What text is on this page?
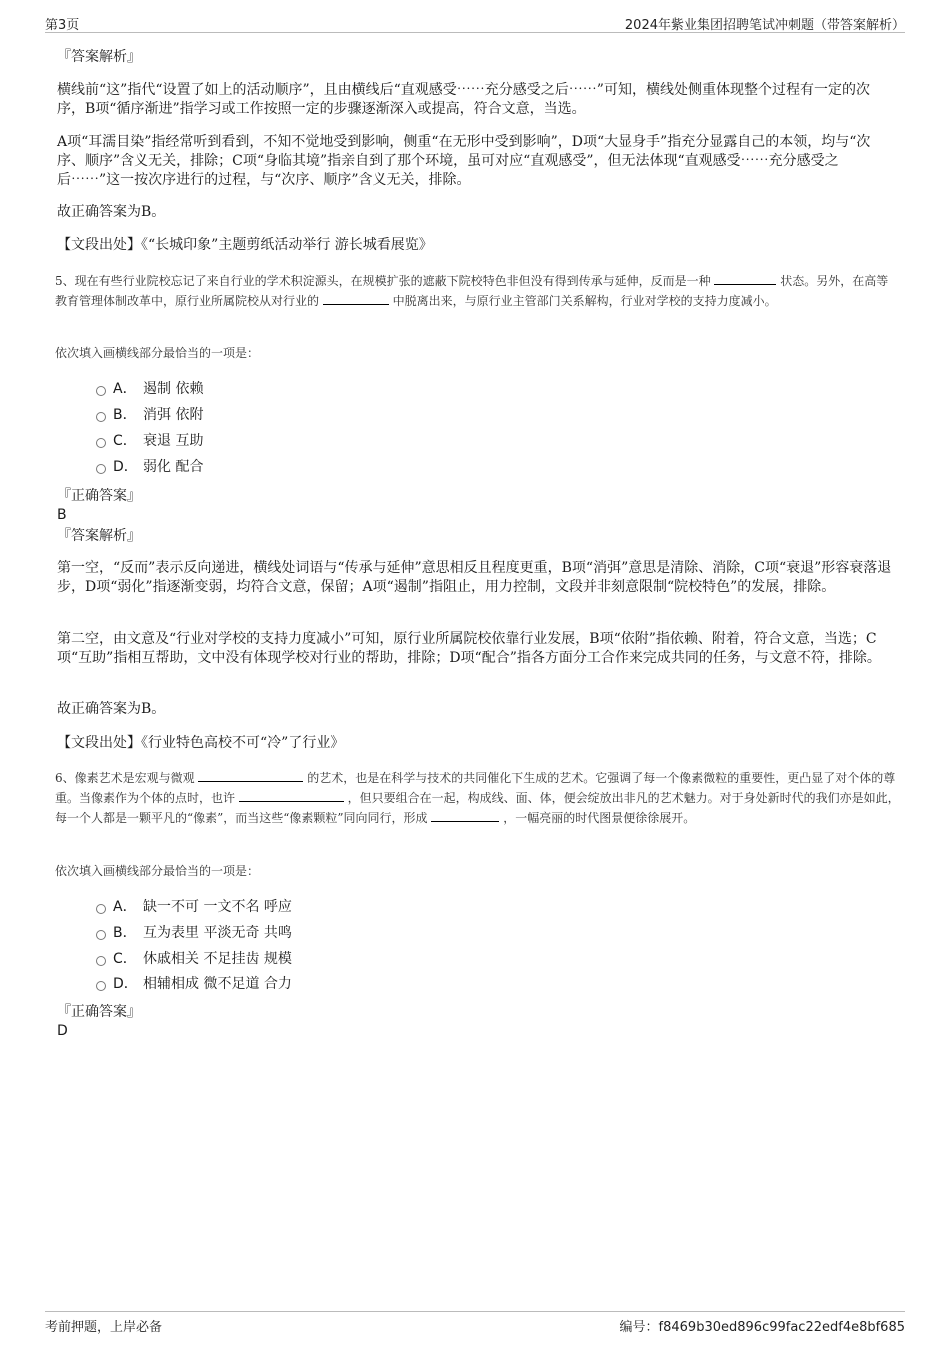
第3页	2024年紫业集团招聘笔试冲刺题（带答案解析）
『答案解析』
横线前“这”指代“设置了如上的活动顺序”，且由横线后“直观感受⋯⋯充分感受之后⋯⋯”可知，横线处侧重体现整个过程有一定的次序，B项“循序渐进”指学习或工作按照一定的步骤逐渐深入或提高，符合文意，当选。
A项“耳濡目染”指经常听到看到，不知不觉地受到影响，侧重“在无形中受到影响”，D项“大显身手”指充分显露自己的本领，均与“次序、顺序”含义无关，排除；C项“身临其境”指亲自到了那个环境，虽可对应“直观感受”，但无法体现“直观感受⋯⋯充分感受之后⋯⋯”这一按次序进行的过程，与“次序、顺序”含义无关，排除。
故正确答案为B。
【文段出处】《“长城印象”主题剪纸活动举行 游长城看展览》
5、现在有些行业院校忘记了来自行业的学术积淀源头，在规模扩张的遮蔽下院校特色非但没有得到传承与延伸，反而是一种	状态。另外，在高等教育管理体制改革中，原行业所属院校从对行业的	中脱离出来，与原行业主管部门关系解构，行业对学校的支持力度减小。
依次填入画横线部分最恰当的一项是：
A． 遏制 依赖
B． 消弭 依附
C． 衰退 互助
D． 弱化 配合
『正确答案』
B
『答案解析』
第一空，“反而”表示反向递进，横线处词语与“传承与延伸”意思相反且程度更重，B项“消弭”意思是清除、消除，C项“衰退”形容衰落退步，D项“弱化”指逐渐变弱，均符合文意，保留；A项“遏制”指阻止，用力控制，文段并非刻意限制“院校特色”的发展，排除。
第二空，由文意及“行业对学校的支持力度减小”可知，原行业所属院校依靠行业发展，B项“依附”指依赖、附着，符合文意，当选；C项“互助”指相互帮助，文中没有体现学校对行业的帮助，排除；D项“配合”指各方面分工合作来完成共同的任务，与文意不符，排除。
故正确答案为B。
【文段出处】《行业特色高校不可“冷”了行业》
6、像素艺术是宏观与微观	的艺术，也是在科学与技术的共同催化下生成的艺术。它强调了每一个像素微粒的重要性，更凸显了对个体的尊重。当像素作为个体的点时，也许	，但只要组合在一起，构成线、面、体，便会绽放出非凡的艺术魅力。对于身处新时代的我们亦是如此，每一个人都是一颗平凡的“像素”，而当这些“像素颗粒”同向同行，形成	，一幅亮丽的时代图景便徐徐展开。
依次填入画横线部分最恰当的一项是：
A． 缺一不可 一文不名 呼应
B． 互为表里 平淡无奇 共鸣
C． 休戚相关 不足挂齿 规模
D． 相辅相成 微不足道 合力
『正确答案』
D
考前押题，上岸必备	编号：f8469b30ed896c99fac22edf4e8bf685
